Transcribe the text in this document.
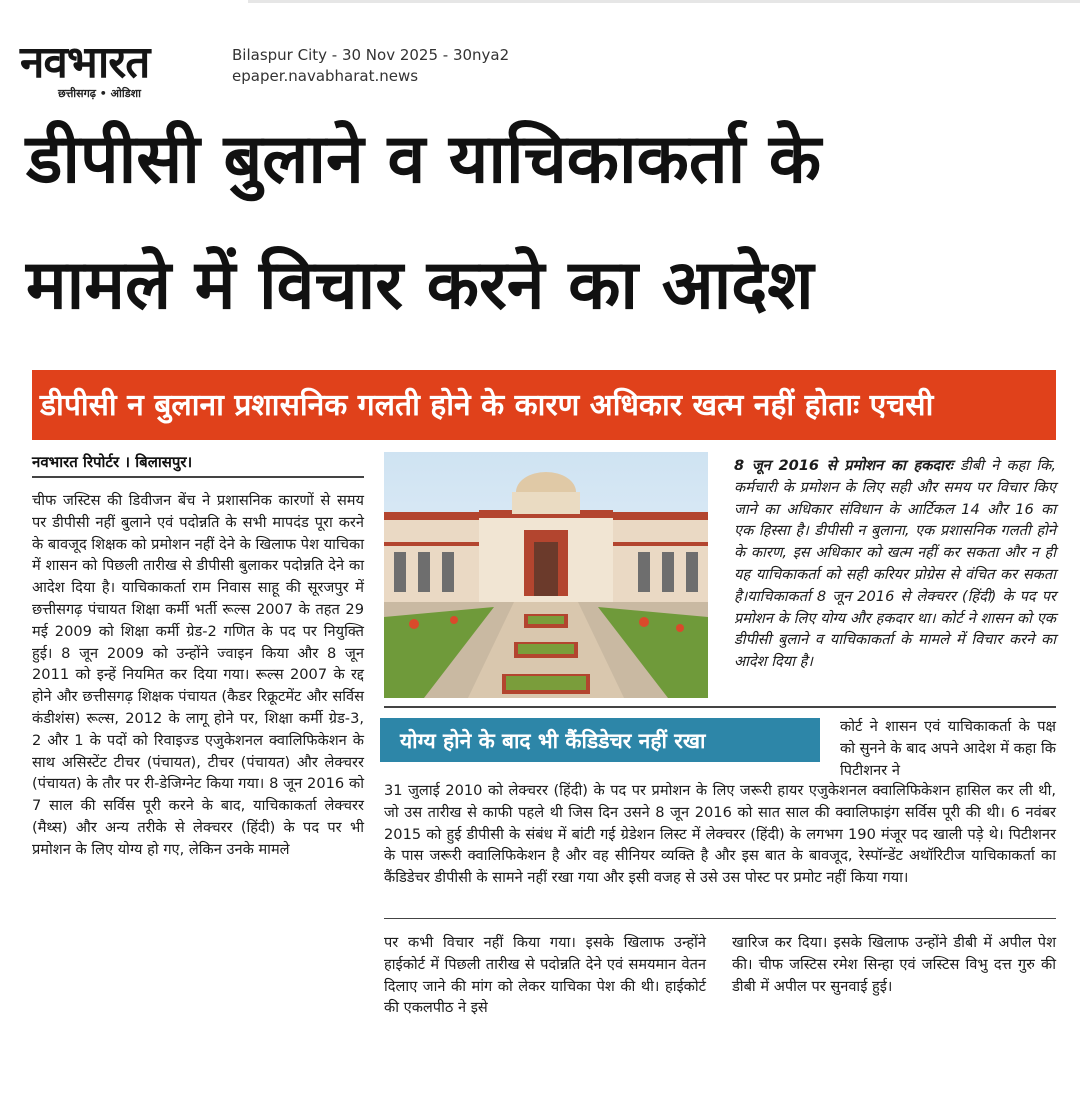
नवभारत
छत्तीसगढ़ • ओडिशा
Bilaspur City - 30 Nov 2025 - 30nya2
epaper.navabharat.news
डीपीसी बुलाने व याचिकाकर्ता के
मामले में विचार करने का आदेश
डीपीसी न बुलाना प्रशासनिक गलती होने के कारण अधिकार खत्म नहीं होताः एचसी
नवभारत रिपोर्टर । बिलासपुर।
चीफ जस्टिस की डिवीजन बेंच ने प्रशासनिक कारणों से समय पर डीपीसी नहीं बुलाने एवं पदोन्नति के सभी मापदंड पूरा करने के बावजूद शिक्षक को प्रमोशन नहीं देने के खिलाफ पेश याचिका में शासन को पिछली तारीख से डीपीसी बुलाकर पदोन्नति देने का आदेश दिया है। याचिकाकर्ता राम निवास साहू की सूरजपुर में छत्तीसगढ़ पंचायत शिक्षा कर्मी भर्ती रूल्स 2007 के तहत 29 मई 2009 को शिक्षा कर्मी ग्रेड-2 गणित के पद पर नियुक्ति हुई। 8 जून 2009 को उन्होंने ज्वाइन किया और 8 जून 2011 को इन्हें नियमित कर दिया गया। रूल्स 2007 के रद्द होने और छत्तीसगढ़ शिक्षक पंचायत (कैडर रिक्रूटमेंट और सर्विस कंडीशंस) रूल्स, 2012 के लागू होने पर, शिक्षा कर्मी ग्रेड-3, 2 और 1 के पदों को रिवाइज्ड एजुकेशनल क्वालिफिकेशन के साथ असिस्टेंट टीचर (पंचायत), टीचर (पंचायत) और लेक्चरर (पंचायत) के तौर पर री-डेजिग्नेट किया गया। 8 जून 2016 को 7 साल की सर्विस पूरी करने के बाद, याचिकाकर्ता लेक्चरर (मैथ्स) और अन्य तरीके से लेक्चरर (हिंदी) के पद पर भी प्रमोशन के लिए योग्य हो गए, लेकिन उनके मामले

8 जून 2016 से प्रमोशन का हकदारः डीबी ने कहा कि, कर्मचारी के प्रमोशन के लिए सही और समय पर विचार किए जाने का अधिकार संविधान के आर्टिकल 14 और 16 का एक हिस्सा है। डीपीसी न बुलाना, एक प्रशासनिक गलती होने के कारण, इस अधिकार को खत्म नहीं कर सकता और न ही यह याचिकाकर्ता को सही करियर प्रोग्रेस से वंचित कर सकता है।याचिकाकर्ता 8 जून 2016 से लेक्चरर (हिंदी) के पद पर प्रमोशन के लिए योग्य और हकदार था। कोर्ट ने शासन को एक डीपीसी बुलाने व याचिकाकर्ता के मामले में विचार करने का आदेश दिया है।

योग्य होने के बाद भी कैंडिडेचर नहीं रखा
कोर्ट ने शासन एवं याचिकाकर्ता के पक्ष को सुनने के बाद अपने आदेश में कहा कि पिटीशनर ने
31 जुलाई 2010 को लेक्चरर (हिंदी) के पद पर प्रमोशन के लिए जरूरी हायर एजुकेशनल क्वालिफिकेशन हासिल कर ली थी, जो उस तारीख से काफी पहले थी जिस दिन उसने 8 जून 2016 को सात साल की क्वालिफाइंग सर्विस पूरी की थी। 6 नवंबर 2015 को हुई डीपीसी के संबंध में बांटी गई ग्रेडेशन लिस्ट में लेक्चरर (हिंदी) के लगभग 190 मंजूर पद खाली पड़े थे। पिटीशनर के पास जरूरी क्वालिफिकेशन है और वह सीनियर व्यक्ति है और इस बात के बावजूद, रेस्पॉन्डेंट अथॉरिटीज याचिकाकर्ता का कैंडिडेचर डीपीसी के सामने नहीं रखा गया और इसी वजह से उसे उस पोस्ट पर प्रमोट नहीं किया गया।
पर कभी विचार नहीं किया गया। इसके खिलाफ उन्होंने हाईकोर्ट में पिछली तारीख से पदोन्नति देने एवं समयमान वेतन दिलाए जाने की मांग को लेकर याचिका पेश की थी। हाईकोर्ट की एकलपीठ ने इसे
खारिज कर दिया। इसके खिलाफ उन्होंने डीबी में अपील पेश की। चीफ जस्टिस रमेश सिन्हा एवं जस्टिस विभु दत्त गुरु की डीबी में अपील पर सुनवाई हुई।
